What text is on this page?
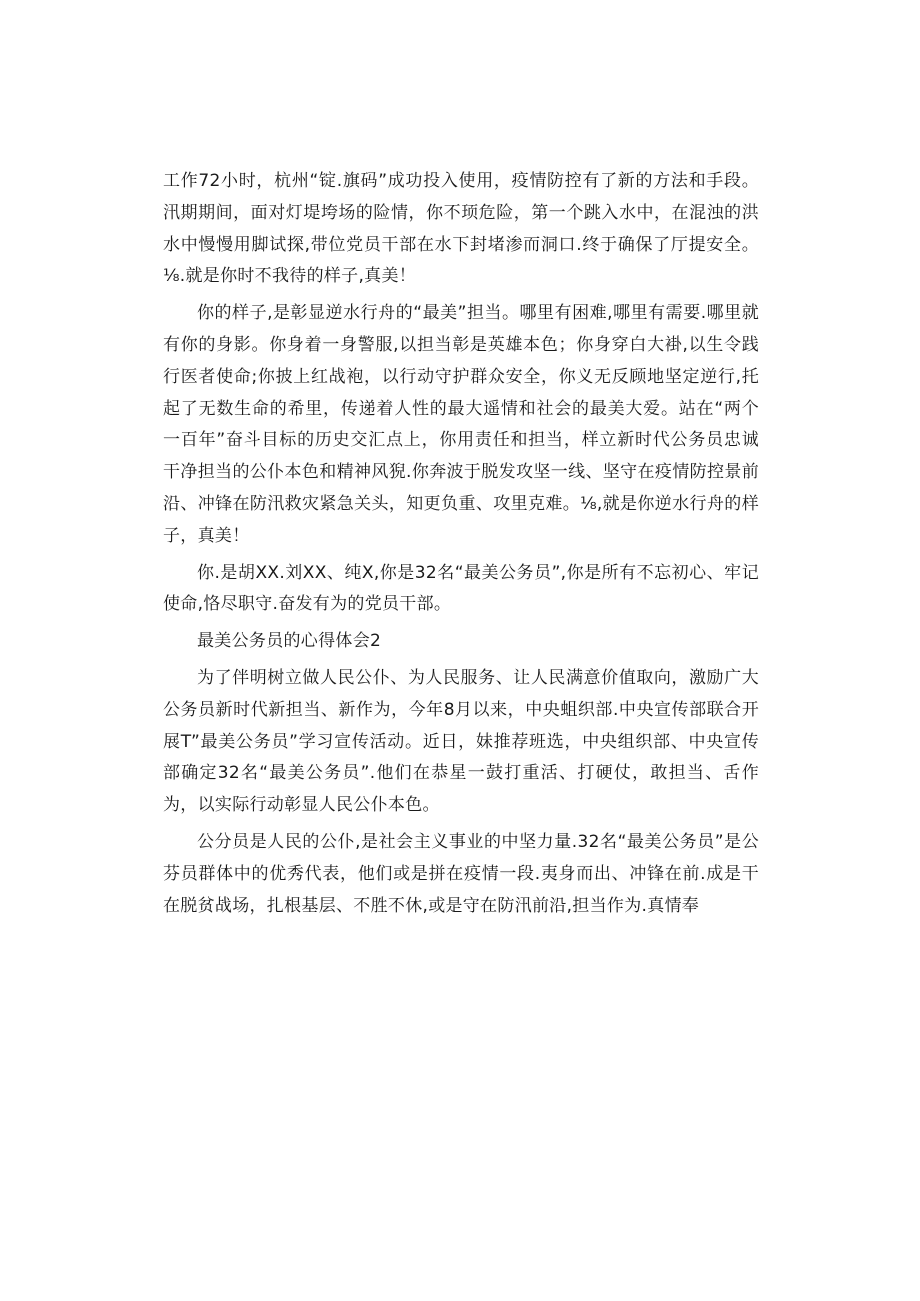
工作72小时，杭州“锭.旗码”成功投入使用，疫情防控有了新的方法和手段。汛期期间，面对灯堤垮场的险情，你不顼危险，第一个跳入水中，在混浊的洪水中慢慢用脚试探,带位党员干部在水下封堵渗而洞口.终于确保了厅提安全。⅛.就是你时不我待的样子,真美！

你的样子,是彰显逆水行舟的“最美”担当。哪里有困难,哪里有需要.哪里就有你的身影。你身着一身警服,以担当彰是英雄本色；你身穿白大褂,以生令践行医者使命;你披上红战袍，以行动守护群众安全，你义无反顾地坚定逆行,托起了无数生命的希里，传递着人性的最大遥情和社会的最美大爱。站在“两个一百年”奋斗目标的历史交汇点上，你用责任和担当，样立新时代公务员忠诚干净担当的公仆本色和精神风猊.你奔波于脱发攻坚一线、坚守在疫情防控景前沿、冲锋在防汛救灾紧急关头，知更负重、攻里克难。⅛,就是你逆水行舟的样子，真美！

你.是胡XX.刘XX、纯X,你是32名“最美公务员”,你是所有不忘初心、牢记使命,恪尽职守.奋发有为的党员干部。

最美公务员的心得体会2

为了伴明树立做人民公仆、为人民服务、让人民满意价值取向，激励广大公务员新时代新担当、新作为，今年8月以来，中央蛆织部.中央宣传部联合开展T”最美公务员”学习宣传活动。近日，妹推荐班选，中央组织部、中央宣传部确定32名“最美公务员”.他们在恭星一鼓打重活、打硬仗，敢担当、舌作为，以实际行动彰显人民公仆本色。

公分员是人民的公仆,是社会主义事业的中坚力量.32名“最美公务员”是公芬员群体中的优秀代表，他们或是拼在疫情一段.夷身而出、冲锋在前.成是干在脱贫战场，扎根基层、不胜不休,或是守在防汛前沿,担当作为.真情奉
